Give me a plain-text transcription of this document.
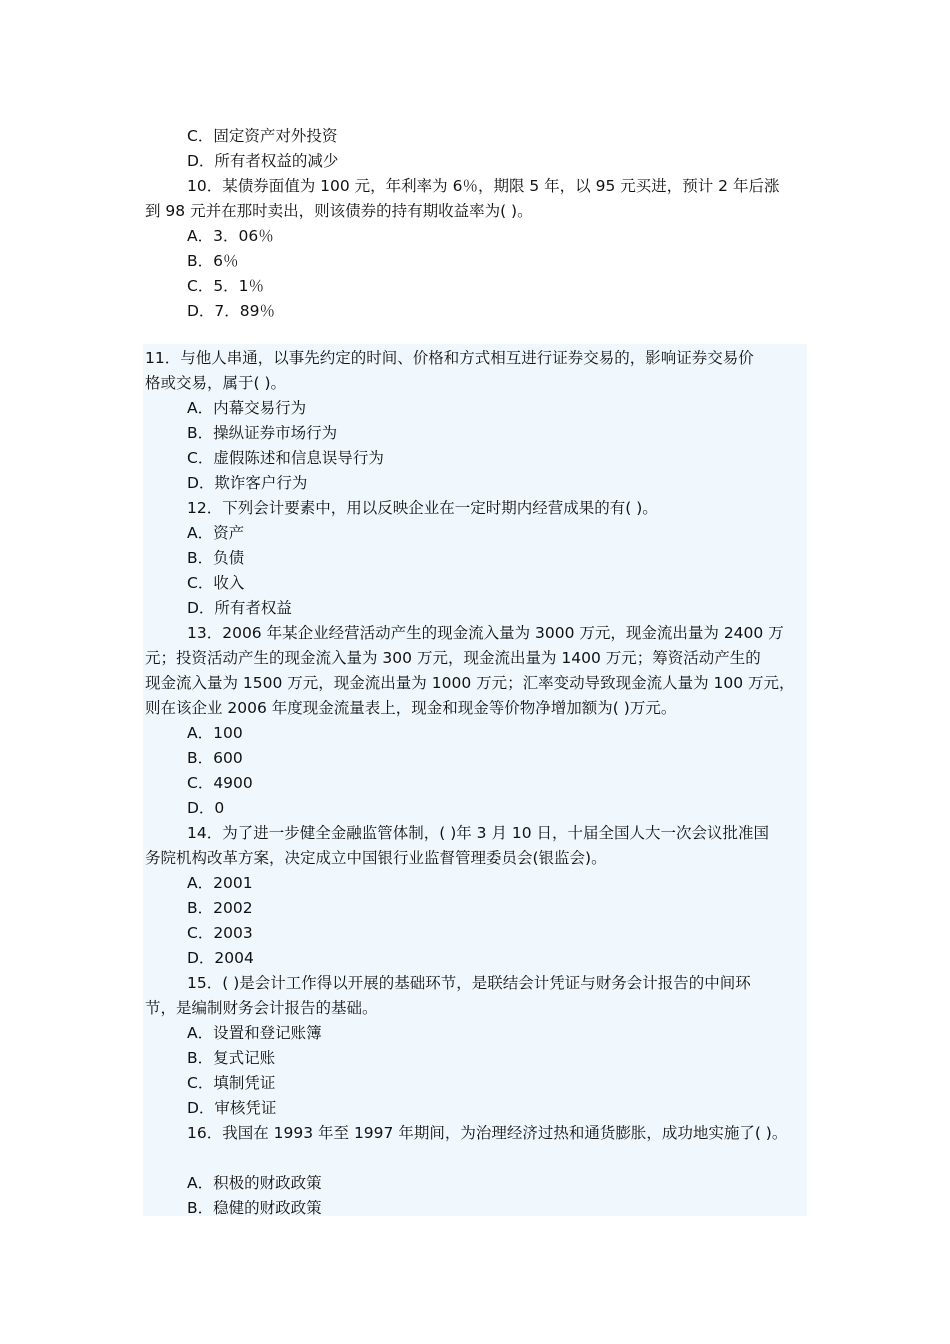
C．固定资产对外投资
D．所有者权益的减少
10．某债券面值为 100 元，年利率为 6％，期限 5 年，以 95 元买进，预计 2 年后涨
到 98 元并在那时卖出，则该债券的持有期收益率为( )。
A．3．06％
B．6％
C．5．1％
D．7．89％
11．与他人串通，以事先约定的时间、价格和方式相互进行证券交易的，影响证券交易价
格或交易，属于( )。
A．内幕交易行为
B．操纵证券市场行为
C．虚假陈述和信息误导行为
D．欺诈客户行为
12．下列会计要素中，用以反映企业在一定时期内经营成果的有( )。
A．资产
B．负债
C．收入
D．所有者权益
13．2006 年某企业经营活动产生的现金流入量为 3000 万元，现金流出量为 2400 万
元；投资活动产生的现金流入量为 300 万元，现金流出量为 1400 万元；筹资活动产生的
现金流入量为 1500 万元，现金流出量为 1000 万元；汇率变动导致现金流人量为 100 万元，
则在该企业 2006 年度现金流量表上，现金和现金等价物净增加额为( )万元。
A．100
B．600
C．4900
D．0
14．为了进一步健全金融监管体制，( )年 3 月 10 日，十届全国人大一次会议批准国
务院机构改革方案，决定成立中国银行业监督管理委员会(银监会)。
A．2001
B．2002
C．2003
D．2004
15．( )是会计工作得以开展的基础环节，是联结会计凭证与财务会计报告的中间环
节，是编制财务会计报告的基础。
A．设置和登记账簿
B．复式记账
C．填制凭证
D．审核凭证
16．我国在 1993 年至 1997 年期间，为治理经济过热和通货膨胀，成功地实施了( )。
A．积极的财政政策
B．稳健的财政政策
